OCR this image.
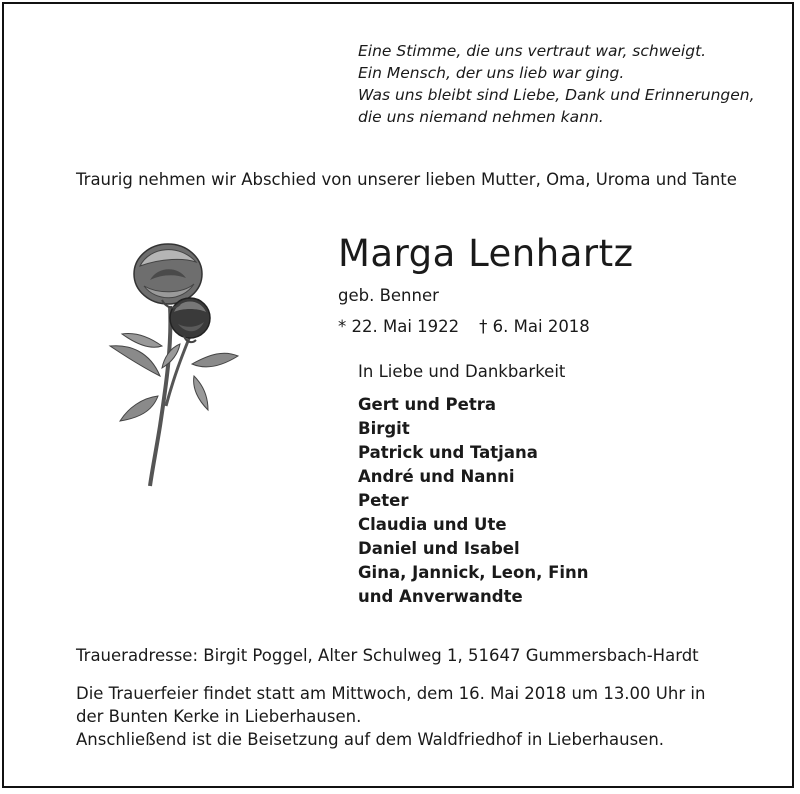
Eine Stimme, die uns vertraut war, schweigt.
Ein Mensch, der uns lieb war ging.
Was uns bleibt sind Liebe, Dank und Erinnerungen,
die uns niemand nehmen kann.
Traurig nehmen wir Abschied von unserer lieben Mutter, Oma, Uroma und Tante
Marga Lenhartz
geb. Benner
* 22. Mai 1922 † 6. Mai 2018
In Liebe und Dankbarkeit
Gert und Petra
Birgit
Patrick und Tatjana
André und Nanni
Peter
Claudia und Ute
Daniel und Isabel
Gina, Jannick, Leon, Finn
und Anverwandte
Traueradresse: Birgit Poggel, Alter Schulweg 1, 51647 Gummersbach-Hardt
Die Trauerfeier findet statt am Mittwoch, dem 16. Mai 2018 um 13.00 Uhr in
der Bunten Kerke in Lieberhausen.
Anschließend ist die Beisetzung auf dem Waldfriedhof in Lieberhausen.
